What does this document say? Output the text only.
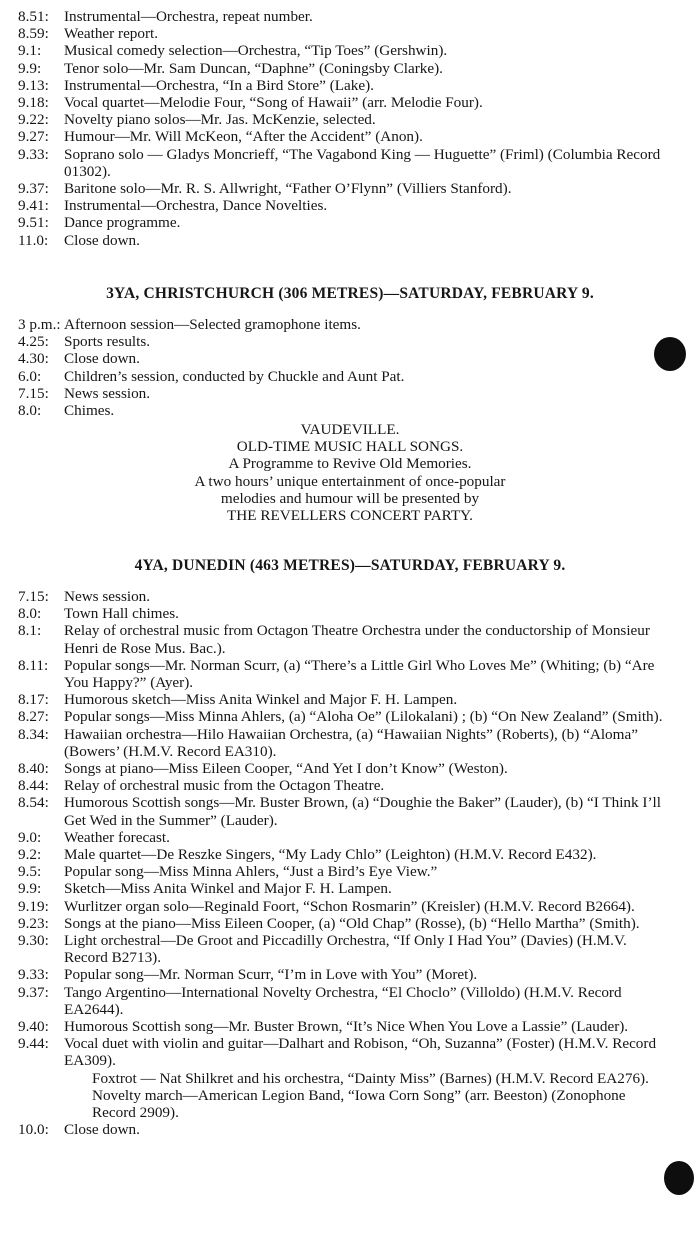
8.51: Instrumental—Orchestra, repeat number.
8.59: Weather report.
9.1:	Musical comedy selection—Orchestra, “Tip Toes” (Gershwin).
9.9:	Tenor solo—Mr. Sam Duncan, “Daphne” (Coningsby Clarke).
9.13: Instrumental—Orchestra, “In a Bird Store” (Lake).
9.18: Vocal quartet—Melodie Four, “Song of Hawaii” (arr. Melodie Four).
9.22: Novelty piano solos—Mr. Jas. McKenzie, selected.
9.27: Humour—Mr. Will McKeon, “After the Accident” (Anon).
9.33: Soprano solo — Gladys Moncrieff, “The Vagabond King — Huguette” (Friml) (Columbia Record 01302).
9.37: Baritone solo—Mr. R. S. Allwright, “Father O’Flynn” (Villiers Stanford).
9.41: Instrumental—Orchestra, Dance Novelties.
9.51: Dance programme.
11.0:	Close down.
3YA, CHRISTCHURCH (306 METRES)—SATURDAY, FEBRUARY 9.
3 p.m.: Afternoon session—Selected gramophone items.
4.25: Sports results.
4.30: Close down.
6.0:	Children’s session, conducted by Chuckle and Aunt Pat.
7.15: News session.
8.0:	Chimes.
VAUDEVILLE.
OLD-TIME MUSIC HALL SONGS.
A Programme to Revive Old Memories.
A two hours’ unique entertainment of once-popular
melodies and humour will be presented by
THE REVELLERS CONCERT PARTY.
4YA, DUNEDIN (463 METRES)—SATURDAY, FEBRUARY 9.
7.15: News session.
8.0:	Town Hall chimes.
8.1:	Relay of orchestral music from Octagon Theatre Orchestra under the conductorship of Monsieur Henri de Rose Mus. Bac.).
8.11:	Popular songs—Mr. Norman Scurr, (a) “There’s a Little Girl Who Loves Me” (Whiting; (b) “Are You Happy?” (Ayer).
8.17: Humorous sketch—Miss Anita Winkel and Major F. H. Lampen.
8.27: Popular songs—Miss Minna Ahlers, (a) “Aloha Oe” (Lilokalani) ; (b) “On New Zealand” (Smith).
8.34: Hawaiian orchestra—Hilo Hawaiian Orchestra, (a) “Hawaiian Nights” (Roberts), (b) “Aloma” (Bowers’ (H.M.V. Record EA310).
8.40: Songs at piano—Miss Eileen Cooper, “And Yet I don’t Know” (Weston).
8.44: Relay of orchestral music from the Octagon Theatre.
8.54: Humorous Scottish songs—Mr. Buster Brown, (a) “Doughie the Baker” (Lauder), (b) “I Think I’ll Get Wed in the Summer” (Lauder).
9.0:	Weather forecast.
9.2:	Male quartet—De Reszke Singers, “My Lady Chlo” (Leighton) (H.M.V. Record E432).
9.5:	Popular song—Miss Minna Ahlers, “Just a Bird’s Eye View.”
9.9:	Sketch—Miss Anita Winkel and Major F. H. Lampen.
9.19: Wurlitzer organ solo—Reginald Foort, “Schon Rosmarin” (Kreisler) (H.M.V. Record B2664).
9.23: Songs at the piano—Miss Eileen Cooper, (a) “Old Chap” (Rosse), (b) “Hello Martha” (Smith).
9.30: Light orchestral—De Groot and Piccadilly Orchestra, “If Only I Had You” (Davies) (H.M.V. Record B2713).
9.33: Popular song—Mr. Norman Scurr, “I’m in Love with You” (Moret).
9.37: Tango Argentino—International Novelty Orchestra, “El Choclo” (Villoldo) (H.M.V. Record EA2644).
9.40: Humorous Scottish song—Mr. Buster Brown, “It’s Nice When You Love a Lassie” (Lauder).
9.44: Vocal duet with violin and guitar—Dalhart and Robison, “Oh, Suzanna” (Foster) (H.M.V. Record EA309).
Foxtrot — Nat Shilkret and his orchestra, “Dainty Miss” (Barnes) (H.M.V. Record EA276).
Novelty march—American Legion Band, “Iowa Corn Song” (arr. Beeston) (Zonophone Record 2909).
10.0: Close down.
